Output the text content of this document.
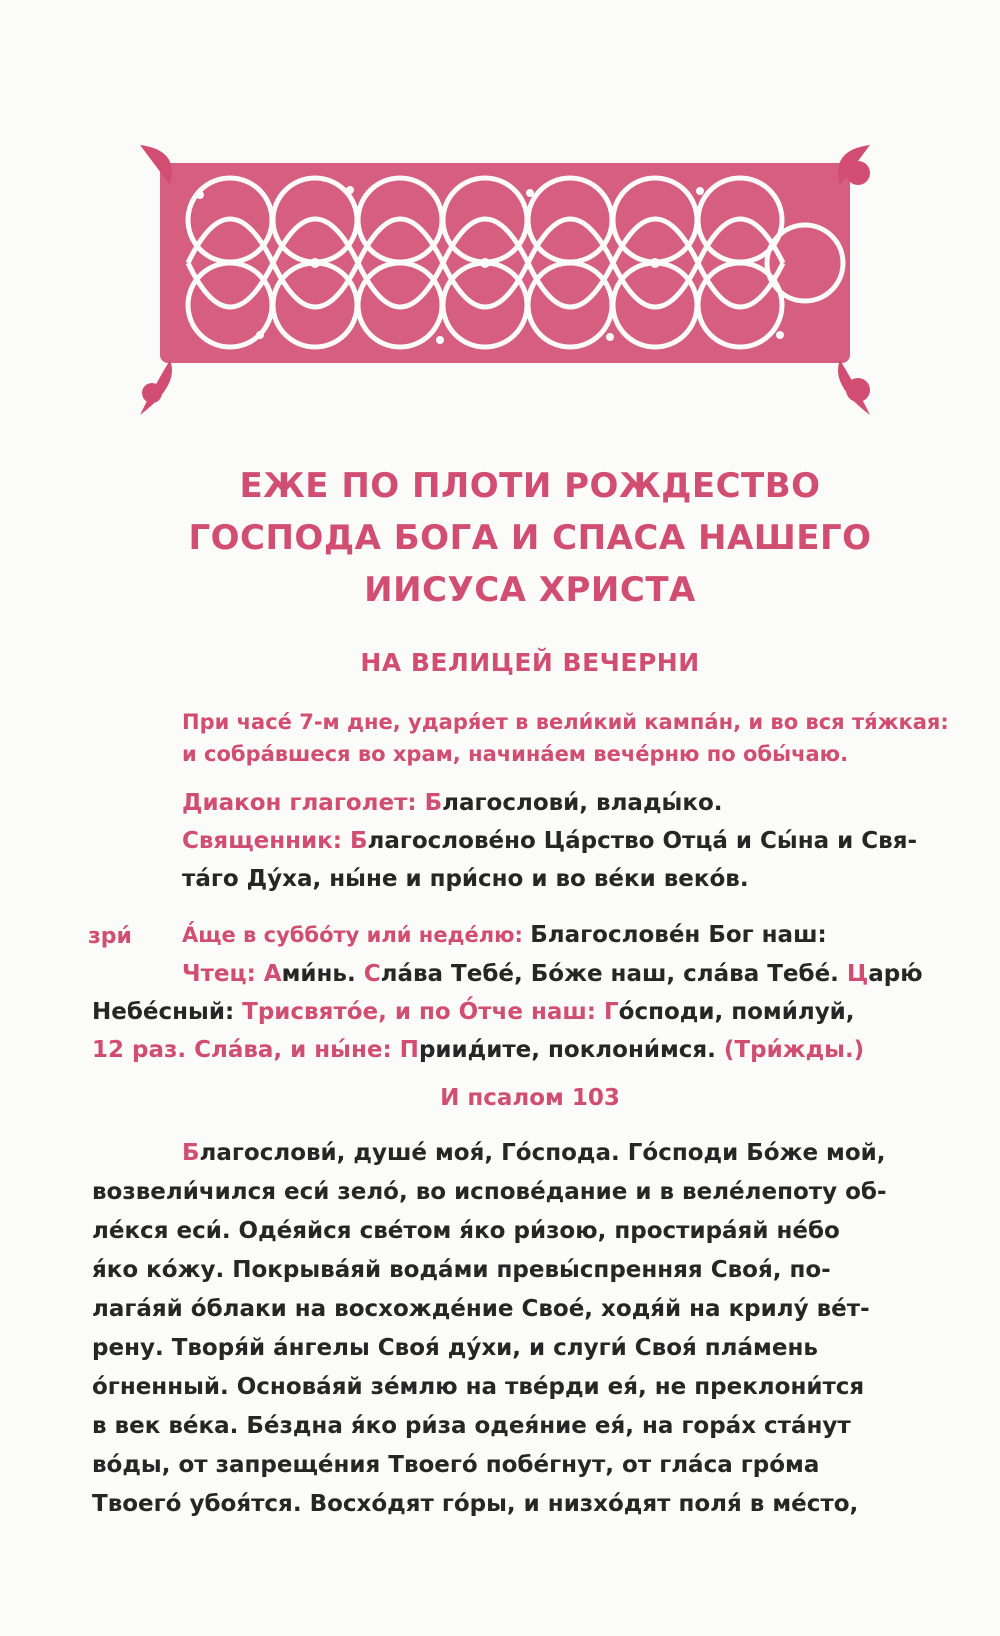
ЕЖЕ ПО ПЛОТИ РОЖДЕСТВО
ГОСПОДА БОГА И СПАСА НАШЕГО
ИИСУСА ХРИСТА
НА ВЕЛИЦЕЙ ВЕЧЕРНИ
При часе́ 7-м дне, ударя́ет в вели́кий кампа́н, и во вся тя́жкая:
и собра́вшеся во храм, начина́ем вече́рню по обы́чаю.
Диакон глаголет: Благослови́, влады́ко.
Священник: Благослове́но Ца́рство Отца́ и Сы́на и Свя-
та́го Ду́ха, ны́не и при́сно и во ве́ки веко́в.
зри́ А́ще в суббо́ту или́ неде́лю: Благослове́н Бог наш:
Чтец: Ами́нь. Сла́ва Тебе́, Бо́же наш, сла́ва Тебе́. Царю́
Небе́сный: Трисвято́е, и по О́тче наш: Го́споди, поми́луй,
12 раз. Сла́ва, и ны́не: Приид́ите, поклони́мся. (Три́жды.)
И псалом 103
Благослови́, душе́ моя́, Го́спода. Го́споди Бо́же мой,
возвели́чился еси́ зело́, во испове́дание и в веле́лепоту об-
ле́кся еси́. Оде́яйся све́том я́ко ри́зою, простира́яй не́бо
я́ко ко́жу. Покрыва́яй вода́ми превы́спренняя Своя́, по-
лага́яй о́блаки на восхожде́ние Свое́, ходя́й на крилу́ ве́т-
рену. Творя́й а́нгелы Своя́ ду́хи, и слуги́ Своя́ пла́мень
о́гненный. Основа́яй зе́млю на тве́рди ея́, не преклони́тся
в век ве́ка. Бе́здна я́ко ри́за одея́ние ея́, на гора́х ста́нут
во́ды, от запреще́ния Твоего́ побе́гнут, от гла́са гро́ма
Твоего́ убоя́тся. Восхо́дят го́ры, и низхо́дят поля́ в ме́сто,
